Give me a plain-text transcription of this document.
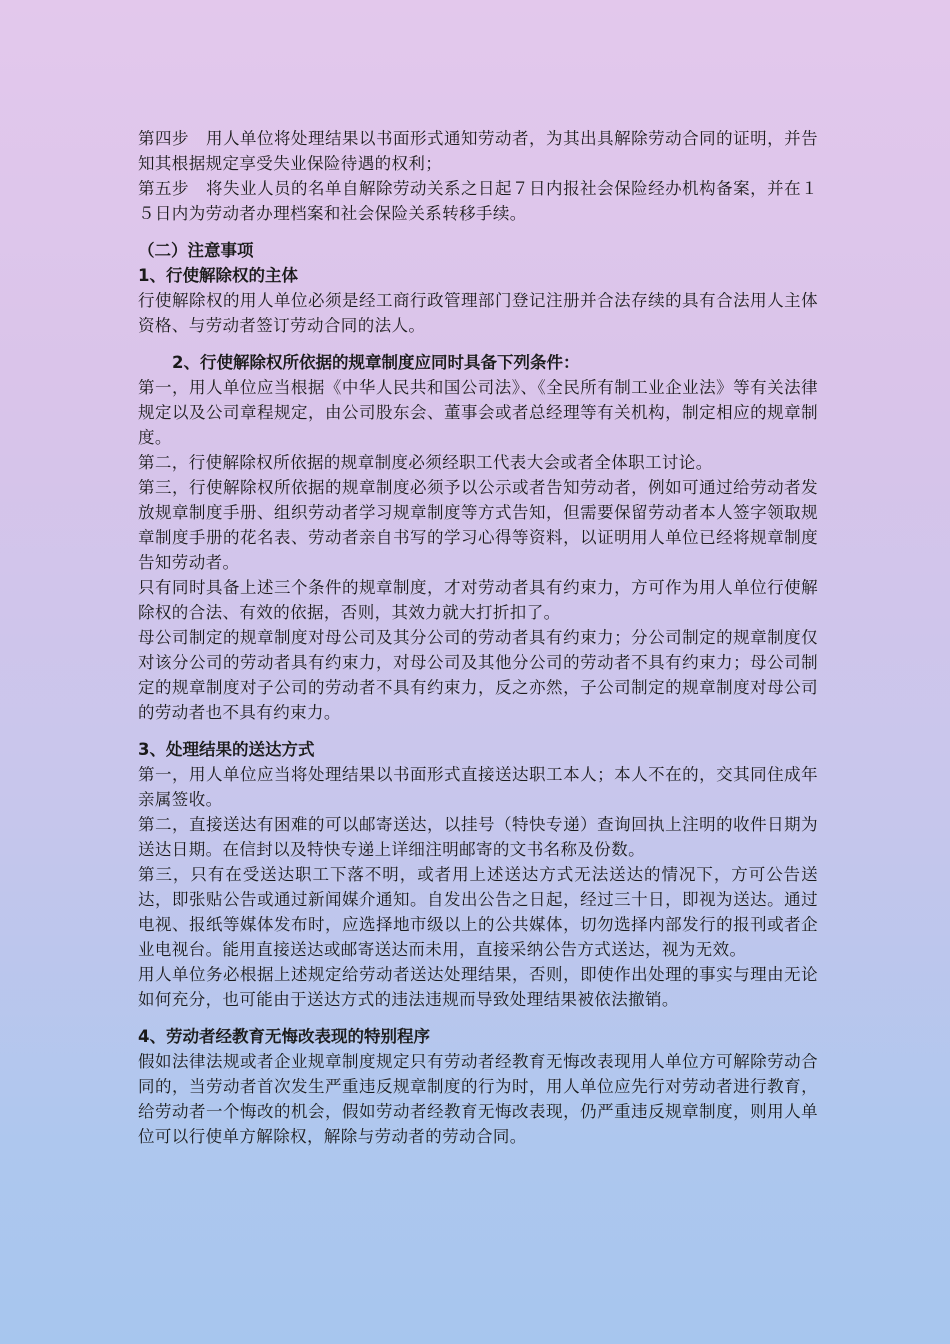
第四步　用人单位将处理结果以书面形式通知劳动者，为其出具解除劳动合同的证明，并告知其根据规定享受失业保险待遇的权利；

第五步　将失业人员的名单自解除劳动关系之日起７日内报社会保险经办机构备案，并在１５日内为劳动者办理档案和社会保险关系转移手续。

（二）注意事项

1、行使解除权的主体

行使解除权的用人单位必须是经工商行政管理部门登记注册并合法存续的具有合法用人主体资格、与劳动者签订劳动合同的法人。

2、行使解除权所依据的规章制度应同时具备下列条件：

第一，用人单位应当根据《中华人民共和国公司法》、《全民所有制工业企业法》等有关法律规定以及公司章程规定，由公司股东会、董事会或者总经理等有关机构，制定相应的规章制度。

第二，行使解除权所依据的规章制度必须经职工代表大会或者全体职工讨论。

第三，行使解除权所依据的规章制度必须予以公示或者告知劳动者，例如可通过给劳动者发放规章制度手册、组织劳动者学习规章制度等方式告知，但需要保留劳动者本人签字领取规章制度手册的花名表、劳动者亲自书写的学习心得等资料，以证明用人单位已经将规章制度告知劳动者。

只有同时具备上述三个条件的规章制度，才对劳动者具有约束力，方可作为用人单位行使解除权的合法、有效的依据，否则，其效力就大打折扣了。

母公司制定的规章制度对母公司及其分公司的劳动者具有约束力；分公司制定的规章制度仅对该分公司的劳动者具有约束力，对母公司及其他分公司的劳动者不具有约束力；母公司制定的规章制度对子公司的劳动者不具有约束力，反之亦然，子公司制定的规章制度对母公司的劳动者也不具有约束力。

3、处理结果的送达方式

第一，用人单位应当将处理结果以书面形式直接送达职工本人；本人不在的，交其同住成年亲属签收。

第二，直接送达有困难的可以邮寄送达，以挂号（特快专递）查询回执上注明的收件日期为送达日期。在信封以及特快专递上详细注明邮寄的文书名称及份数。

第三，只有在受送达职工下落不明，或者用上述送达方式无法送达的情况下，方可公告送达，即张贴公告或通过新闻媒介通知。自发出公告之日起，经过三十日，即视为送达。通过电视、报纸等媒体发布时，应选择地市级以上的公共媒体，切勿选择内部发行的报刊或者企业电视台。能用直接送达或邮寄送达而未用，直接采纳公告方式送达，视为无效。

用人单位务必根据上述规定给劳动者送达处理结果，否则，即使作出处理的事实与理由无论如何充分，也可能由于送达方式的违法违规而导致处理结果被依法撤销。

4、劳动者经教育无悔改表现的特别程序

假如法律法规或者企业规章制度规定只有劳动者经教育无悔改表现用人单位方可解除劳动合同的，当劳动者首次发生严重违反规章制度的行为时，用人单位应先行对劳动者进行教育，给劳动者一个悔改的机会，假如劳动者经教育无悔改表现，仍严重违反规章制度，则用人单位可以行使单方解除权，解除与劳动者的劳动合同。
